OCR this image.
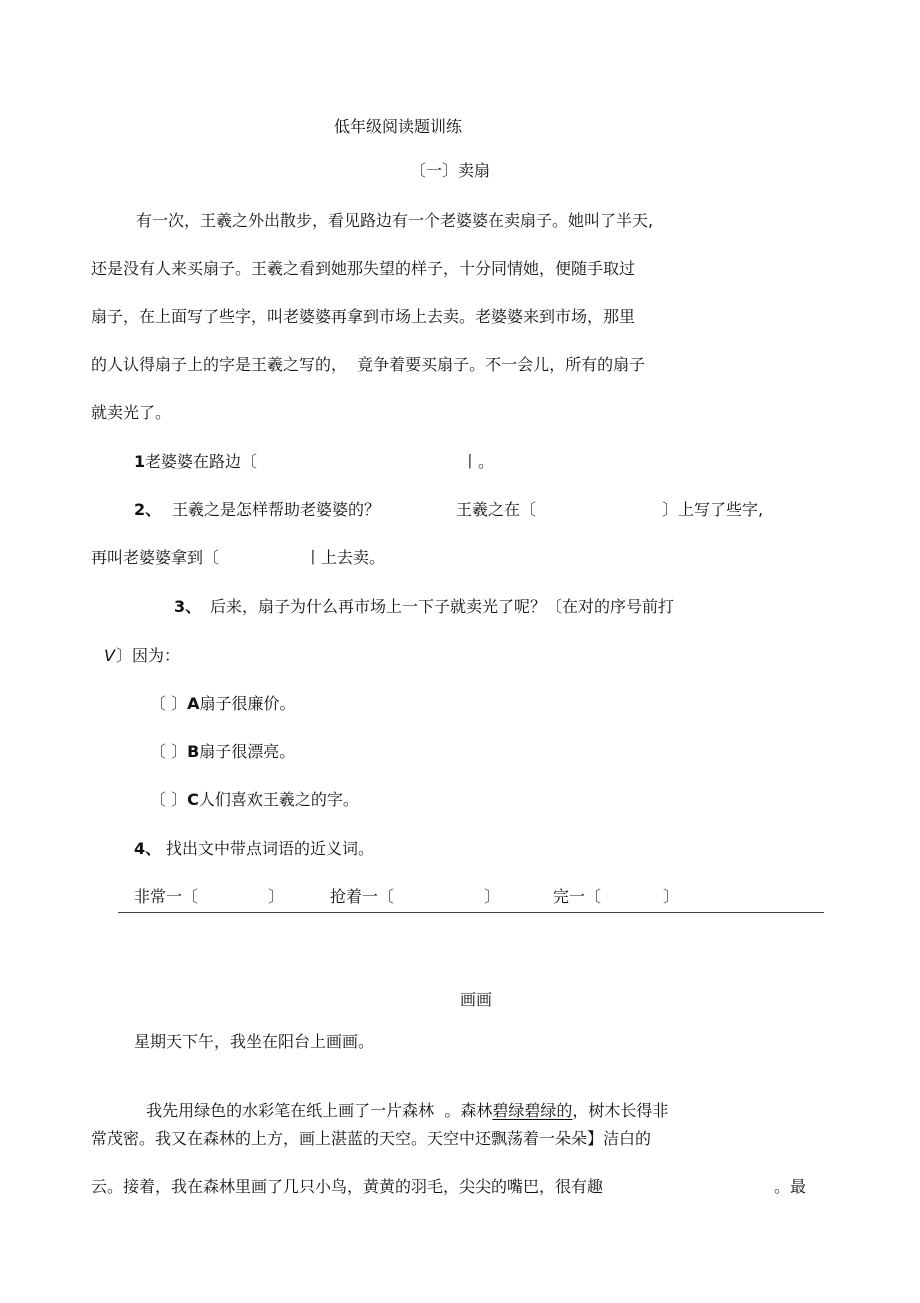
低年级阅读题训练
〔一〕卖扇
有一次，王羲之外出散步，看见路边有一个老婆婆在卖扇子。她叫了半天,
还是没有人来买扇子。王羲之看到她那失望的样子，十分同情她，便随手取过
扇子，在上面写了些字，叫老婆婆再拿到市场上去卖。老婆婆来到市场，那里
的人认得扇子上的字是王羲之写的，  竟争着要买扇子。不一会儿，所有的扇子
就卖光了。
1 老婆婆在路边〔	丨。
2、 王羲之是怎样帮助老婆婆的？	王羲之在〔	〕上写了些字,
再叫老婆婆拿到〔	丨上去卖。
3、 后来，扇子为什么再市场上一下子就卖光了呢？〔在对的序号前打
V 〕因为：
〔 〕A扇子很廉价。
〔 〕B扇子很漂亮。
〔 〕C人们喜欢王羲之的字。
4、 找出文中带点词语的近义词。
非常一〔	〕	抢着一〔	〕	完一〔	〕
画画
星期天下午，我坐在阳台上画画。

我先用绿色的水彩笔在纸上画了一片森林  。森林碧绿碧绿的，树木长得非

常茂密。我又在森林的上方，画上湛蓝的天空。天空中还飘荡着一朵朵】洁白的
云。接着，我在森林里画了几只小鸟，黄黄的羽毛，尖尖的嘴巴，很有趣	。最
